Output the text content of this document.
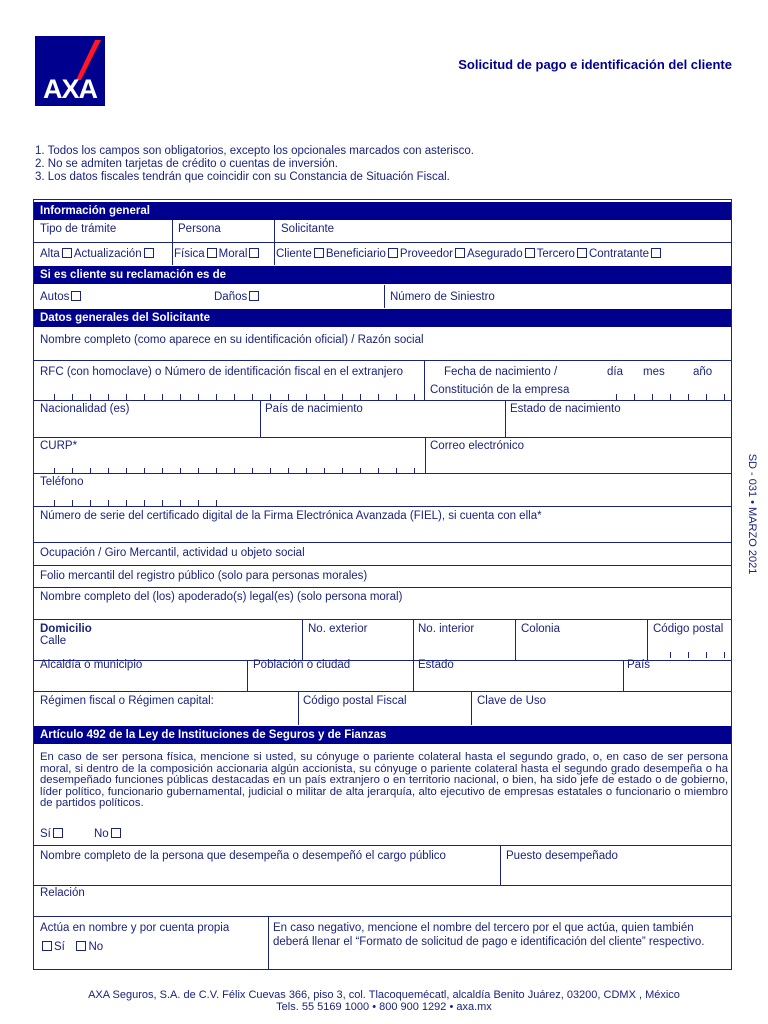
AXA
Solicitud de pago e identificación del cliente
1. Todos los campos son obligatorios, excepto los opcionales marcados con asterisco.
2. No se admiten tarjetas de crédito o cuentas de inversión.
3. Los datos fiscales tendrán que coincidir con su Constancia de Situación Fiscal.
SD - 031 • MARZO 2021
Información general
Tipo de trámite	Persona	Solicitante
Alta Actualización	Física Moral	Cliente Beneficiario Proveedor Asegurado Tercero Contratante
Si es cliente su reclamación es de
Autos	Daños	Número de Siniestro
Datos generales del Solicitante
Nombre completo (como aparece en su identificación oficial) / Razón social
RFC (con homoclave) o Número de identificación fiscal en el extranjero	Fecha de nacimiento /	día mes año
Constitución de la empresa
Nacionalidad (es)	País de nacimiento	Estado de nacimiento
CURP*	Correo electrónico
Teléfono
Número de serie del certificado digital de la Firma Electrónica Avanzada (FIEL), si cuenta con ella*
Ocupación / Giro Mercantil, actividad u objeto social
Folio mercantil del registro público (solo para personas morales)
Nombre completo del (los) apoderado(s) legal(es) (solo persona moral)
Domicilio
Calle
No. exterior	No. interior	Colonia	Código postal
Alcaldía o municipio	Población o ciudad	Estado	País
Régimen fiscal o Régimen capital:	Código postal Fiscal	Clave de Uso
Artículo 492 de la Ley de Instituciones de Seguros y de Fianzas
En caso de ser persona física, mencione si usted, su cónyuge o pariente colateral hasta el segundo grado, o, en caso de ser persona moral, si dentro de la composición accionaria algún accionista, su cónyuge o pariente colateral hasta el segundo grado desempeña o ha desempeñado funciones públicas destacadas en un país extranjero o en territorio nacional, o bien, ha sido jefe de estado o de gobierno, líder político, funcionario gubernamental, judicial o militar de alta jerarquía, alto ejecutivo de empresas estatales o funcionario o miembro de partidos políticos.
Sí	No
Nombre completo de la persona que desempeña o desempeñó el cargo público	Puesto desempeñado
Relación
Actúa en nombre y por cuenta propia
Sí No
En caso negativo, mencione el nombre del tercero por el que actúa, quien también
deberá llenar el “Formato de solicitud de pago e identificación del cliente” respectivo.
AXA Seguros, S.A. de C.V. Félix Cuevas 366, piso 3, col. Tlacoquemécatl, alcaldía Benito Juárez, 03200, CDMX , México
Tels. 55 5169 1000 • 800 900 1292 • axa.mx
